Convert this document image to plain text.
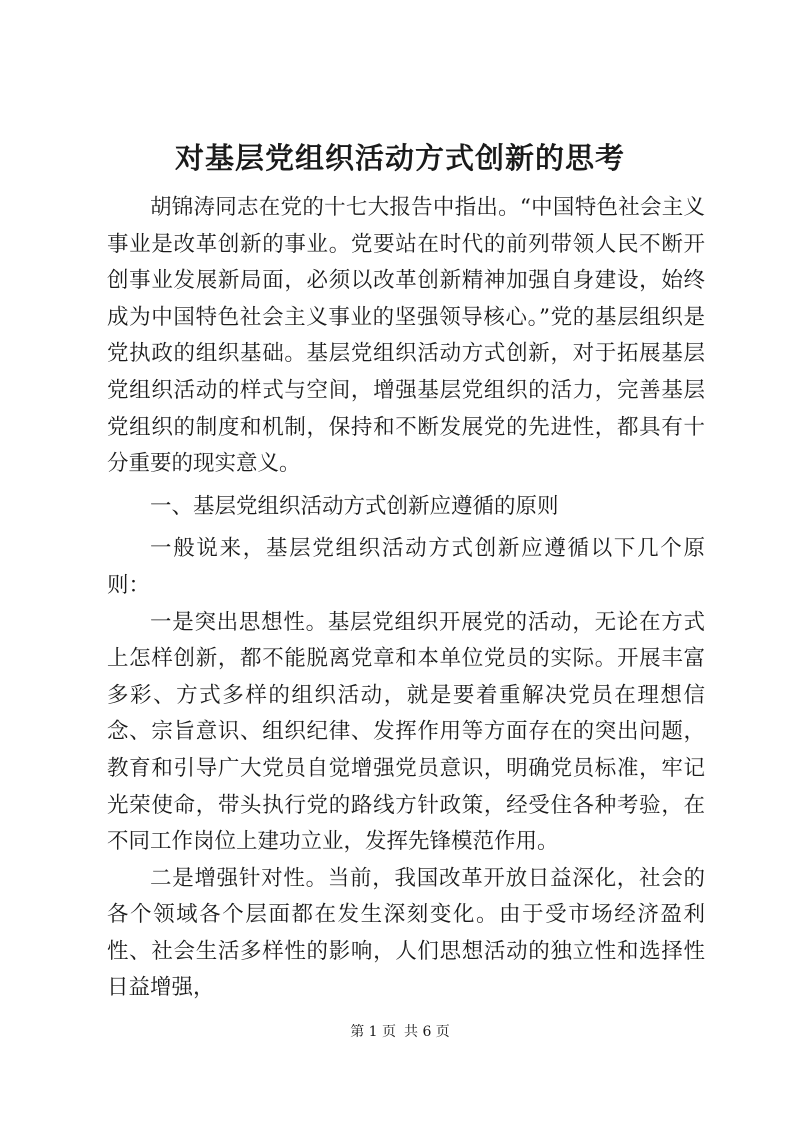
对基层党组织活动方式创新的思考

胡锦涛同志在党的十七大报告中指出。“中国特色社会主义事业是改革创新的事业。党要站在时代的前列带领人民不断开创事业发展新局面，必须以改革创新精神加强自身建设，始终成为中国特色社会主义事业的坚强领导核心。”党的基层组织是党执政的组织基础。基层党组织活动方式创新，对于拓展基层党组织活动的样式与空间，增强基层党组织的活力，完善基层党组织的制度和机制，保持和不断发展党的先进性，都具有十分重要的现实意义。

一、基层党组织活动方式创新应遵循的原则

一般说来，基层党组织活动方式创新应遵循以下几个原则：

一是突出思想性。基层党组织开展党的活动，无论在方式上怎样创新，都不能脱离党章和本单位党员的实际。开展丰富多彩、方式多样的组织活动，就是要着重解决党员在理想信念、宗旨意识、组织纪律、发挥作用等方面存在的突出问题，教育和引导广大党员自觉增强党员意识，明确党员标准，牢记光荣使命，带头执行党的路线方针政策，经受住各种考验，在不同工作岗位上建功立业，发挥先锋模范作用。

二是增强针对性。当前，我国改革开放日益深化，社会的各个领域各个层面都在发生深刻变化。由于受市场经济盈利性、社会生活多样性的影响，人们思想活动的独立性和选择性日益增强，

第 1 页 共 6 页
